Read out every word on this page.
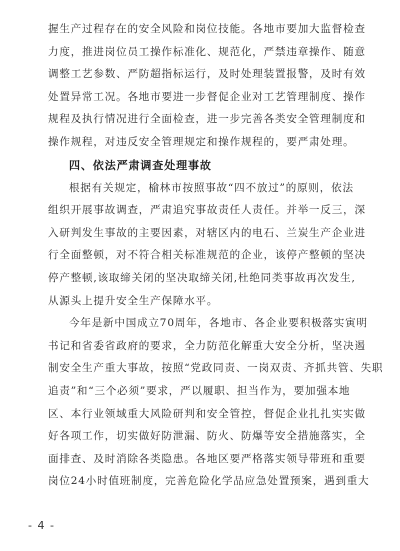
握生产过程存在的安全风险和岗位技能。各地市要加大监督检查

力度，推进岗位员工操作标准化、规范化，严禁违章操作、随意

调整工艺参数、严防超指标运行，及时处理装置报警，及时有效

处置异常工况。各地市要进一步督促企业对工艺管理制度、操作

规程及执行情况进行全面检查，进一步完善各类安全管理制度和

操作规程，对违反安全管理规定和操作规程的，要严肃处理。

四、依法严肃调查处理事故

根据有关规定，榆林市按照事故“四不放过”的原则，依法

组织开展事故调查，严肃追究事故责任人责任。并举一反三，深

入研判发生事故的主要因素，对辖区内的电石、兰炭生产企业进

行全面整顿，对不符合相关标准规范的企业，该停产整顿的坚决

停产整顿,该取缔关闭的坚决取缔关闭,杜绝同类事故再次发生,

从源头上提升安全生产保障水平。

今年是新中国成立70周年，各地市、各企业要积极落实寅明

书记和省委省政府的要求，全力防范化解重大安全分析，坚决遏

制安全生产重大事故，按照“党政同责、一岗双责、齐抓共管、失职

追责”和“三个必须”要求，严以履职、担当作为，要加强本地

区、本行业领域重大风险研判和安全管控，督促企业扎扎实实做

好各项工作，切实做好防泄漏、防火、防爆等安全措施落实，全

面排查、及时消除各类隐患。各地区要严格落实领导带班和重要

岗位24小时值班制度，完善危险化学品应急处置预案，遇到重大

- 4 -
